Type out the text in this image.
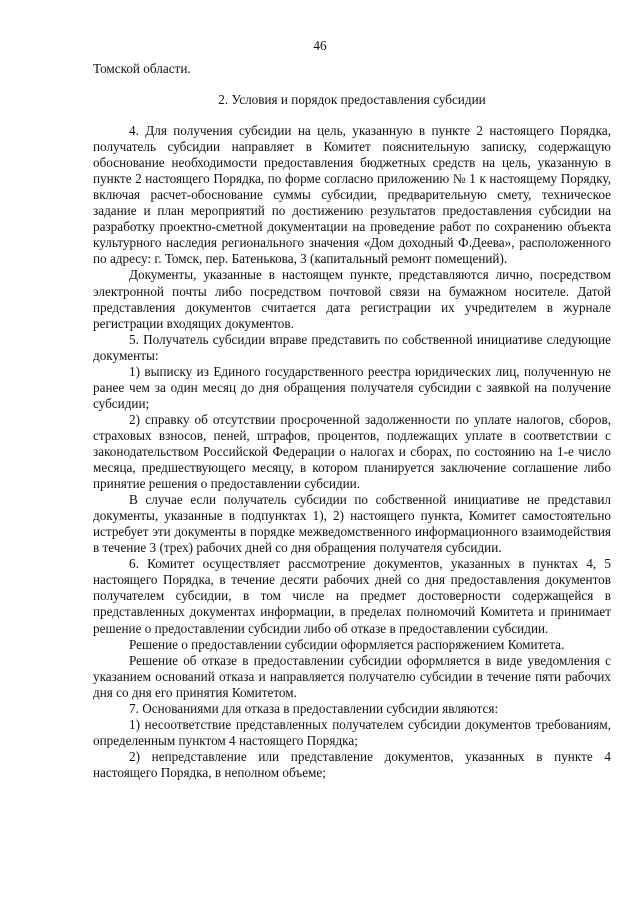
46

Томской области.

2. Условия и порядок предоставления субсидии

4. Для получения субсидии на цель, указанную в пункте 2 настоящего Порядка, получатель субсидии направляет в Комитет пояснительную записку, содержащую обоснование необходимости предоставления бюджетных средств на цель, указанную в пункте 2 настоящего Порядка, по форме согласно приложению № 1 к настоящему Порядку, включая расчет-обоснование суммы субсидии, предварительную смету, техническое задание и план мероприятий по достижению результатов предоставления субсидии на разработку проектно-сметной документации на проведение работ по сохранению объекта культурного наследия регионального значения «Дом доходный Ф.Деева», расположенного по адресу: г. Томск, пер. Батенькова, 3 (капитальный ремонт помещений).

Документы, указанные в настоящем пункте, представляются лично, посредством электронной почты либо посредством почтовой связи на бумажном носителе. Датой представления документов считается дата регистрации их учредителем в журнале регистрации входящих документов.

5. Получатель субсидии вправе представить по собственной инициативе следующие документы:

1) выписку из Единого государственного реестра юридических лиц, полученную не ранее чем за один месяц до дня обращения получателя субсидии с заявкой на получение субсидии;

2) справку об отсутствии просроченной задолженности по уплате налогов, сборов, страховых взносов, пеней, штрафов, процентов, подлежащих уплате в соответствии с законодательством Российской Федерации о налогах и сборах, по состоянию на 1-е число месяца, предшествующего месяцу, в котором планируется заключение соглашение либо принятие решения о предоставлении субсидии.

В случае если получатель субсидии по собственной инициативе не представил документы, указанные в подпунктах 1), 2) настоящего пункта, Комитет самостоятельно истребует эти документы в порядке межведомственного информационного взаимодействия в течение 3 (трех) рабочих дней со дня обращения получателя субсидии.

6. Комитет осуществляет рассмотрение документов, указанных в пунктах 4, 5 настоящего Порядка, в течение десяти рабочих дней со дня предоставления документов получателем субсидии, в том числе на предмет достоверности содержащейся в представленных документах информации, в пределах полномочий Комитета и принимает решение о предоставлении субсидии либо об отказе в предоставлении субсидии.

Решение о предоставлении субсидии оформляется распоряжением Комитета.

Решение об отказе в предоставлении субсидии оформляется в виде уведомления с указанием оснований отказа и направляется получателю субсидии в течение пяти рабочих дня со дня его принятия Комитетом.

7. Основаниями для отказа в предоставлении субсидии являются:

1) несоответствие представленных получателем субсидии документов требованиям, определенным пунктом 4 настоящего Порядка;

2) непредставление или представление документов, указанных в пункте 4 настоящего Порядка, в неполном объеме;
